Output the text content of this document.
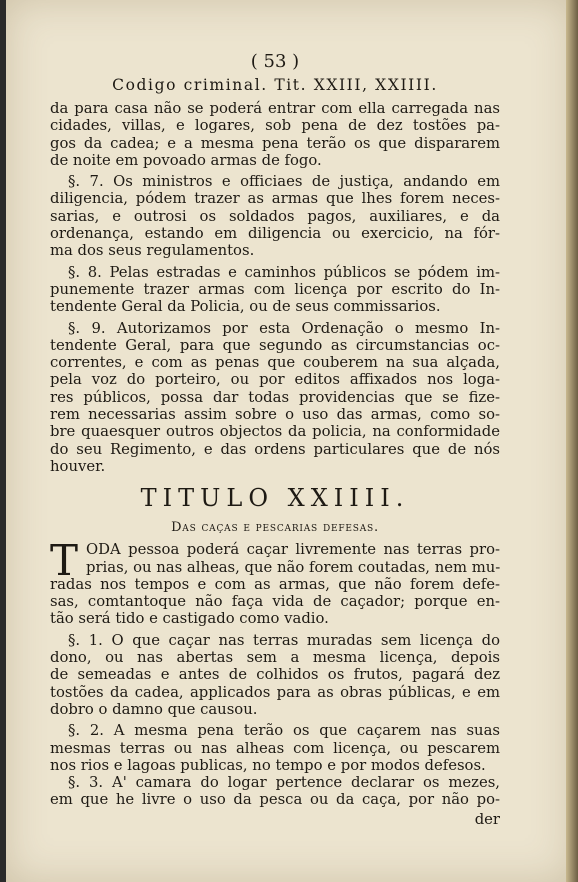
( 53 )
Codigo criminal. Tit. XXIII, XXIIII.
da para casa não se poderá entrar com ella carregada nas
cidades, villas, e logares, sob pena de dez tostões pa-
gos da cadea; e a mesma pena terão os que dispararem
de noite em povoado armas de fogo.
§. 7. Os ministros e officiaes de justiça, andando em
diligencia, pódem trazer as armas que lhes forem neces-
sarias, e outrosi os soldados pagos, auxiliares, e da
ordenança, estando em diligencia ou exercicio, na fór-
ma dos seus regulamentos.
§. 8. Pelas estradas e caminhos públicos se pódem im-
punemente trazer armas com licença por escrito do In-
tendente Geral da Policia, ou de seus commissarios.
§. 9. Autorizamos por esta Ordenação o mesmo In-
tendente Geral, para que segundo as circumstancias oc-
correntes, e com as penas que couberem na sua alçada,
pela voz do porteiro, ou por editos affixados nos loga-
res públicos, possa dar todas providencias que se fize-
rem necessarias assim sobre o uso das armas, como so-
bre quaesquer outros objectos da policia, na conformidade
do seu Regimento, e das ordens particulares que de nós
houver.
TITULO XXIIII.
Das caças e pescarias defesas.
T ODA pessoa poderá caçar livremente nas terras pro-
prias, ou nas alheas, que não forem coutadas, nem mu-
radas nos tempos e com as armas, que não forem defe-
sas, comtantoque não faça vida de caçador; porque en-
tão será tido e castigado como vadio.
§. 1. O que caçar nas terras muradas sem licença do
dono, ou nas abertas sem a mesma licença, depois
de semeadas e antes de colhidos os frutos, pagará dez
tostões da cadea, applicados para as obras públicas, e em
dobro o damno que causou.
§. 2. A mesma pena terão os que caçarem nas suas
mesmas terras ou nas alheas com licença, ou pescarem
nos rios e lagoas publicas, no tempo e por modos defesos.
§. 3. A' camara do logar pertence declarar os mezes,
em que he livre o uso da pesca ou da caça, por não po-
der
